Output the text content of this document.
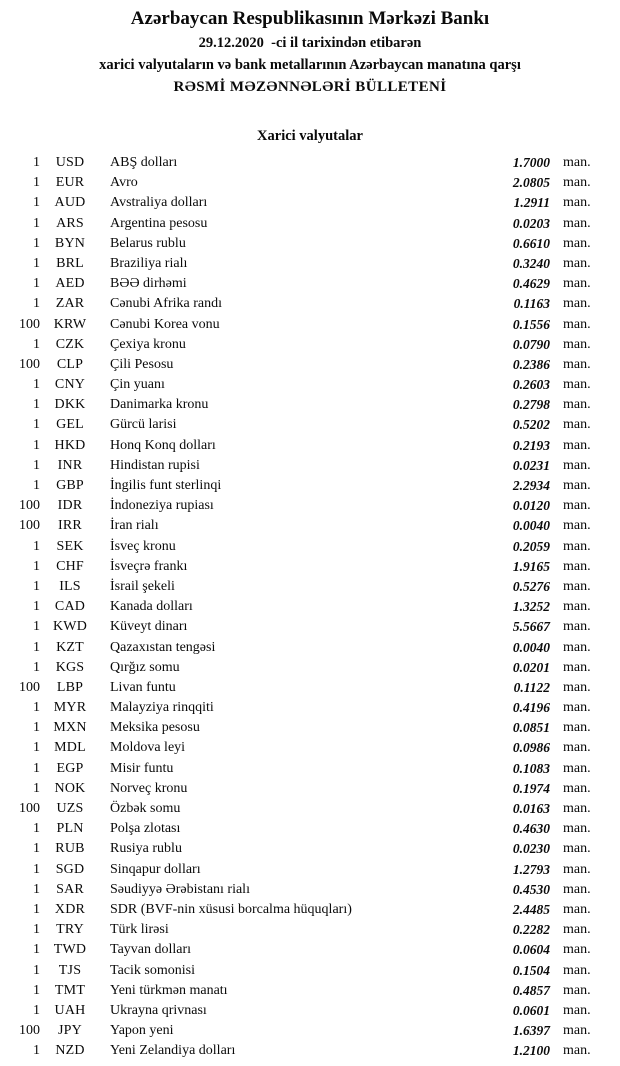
Azərbaycan Respublikasının Mərkəzi Bankı
29.12.2020  -ci il tarixindən etibarən
xarici valyutaların və bank metallarının Azərbaycan manatına qarşı
RƏSMİ MƏZƏNNƏLƏRİ BÜLLETENİ
Xarici valyutalar
1	USD	ABŞ dolları	1.7000 man.
1	EUR	Avro	2.0805 man.
1	AUD	Avstraliya dolları	1.2911 man.
1	ARS	Argentina pesosu	0.0203 man.
1	BYN	Belarus rublu	0.6610 man.
1	BRL	Braziliya rialı	0.3240 man.
1	AED	BƏƏ dirhəmi	0.4629 man.
1	ZAR	Cənubi Afrika randı	0.1163 man.
100 KRW	Cənubi Korea vonu	0.1556 man.
1	CZK	Çexiya kronu	0.0790 man.
100	CLP	Çili Pesosu	0.2386 man.
1	CNY	Çin yuanı	0.2603 man.
1	DKK	Danimarka kronu	0.2798 man.
1	GEL	Gürcü larisi	0.5202 man.
1	HKD	Honq Konq dolları	0.2193 man.
1	INR	Hindistan rupisi	0.0231 man.
1	GBP	İngilis funt sterlinqi	2.2934 man.
100	IDR	İndoneziya rupiası	0.0120 man.
100	IRR	İran rialı	0.0040 man.
1	SEK	İsveç kronu	0.2059 man.
1	CHF	İsveçrə frankı	1.9165 man.
1	ILS	İsrail şekeli	0.5276 man.
1	CAD	Kanada dolları	1.3252 man.
1 KWD	Küveyt dinarı	5.5667 man.
1	KZT	Qazaxıstan tengəsi	0.0040 man.
1	KGS	Qırğız somu	0.0201 man.
100	LBP	Livan funtu	0.1122 man.
1 MYR	Malayziya rinqqiti	0.4196 man.
1 MXN	Meksika pesosu	0.0851 man.
1	MDL	Moldova leyi	0.0986 man.
1	EGP	Misir funtu	0.1083 man.
1	NOK	Norveç kronu	0.1974 man.
100	UZS	Özbək somu	0.0163 man.
1	PLN	Polşa zlotası	0.4630 man.
1	RUB	Rusiya rublu	0.0230 man.
1	SGD	Sinqapur dolları	1.2793 man.
1	SAR	Səudiyyə Ərəbistanı rialı	0.4530 man.
1	XDR	SDR (BVF-nin xüsusi borcalma hüquqları)	2.4485 man.
1	TRY	Türk lirəsi	0.2282 man.
1 TWD	Tayvan dolları	0.0604 man.
1	TJS	Tacik somonisi	0.1504 man.
1	TMT	Yeni türkmən manatı	0.4857 man.
1	UAH	Ukrayna qrivnası	0.0601 man.
100	JPY	Yapon yeni	1.6397 man.
1	NZD	Yeni Zelandiya dolları	1.2100 man.
